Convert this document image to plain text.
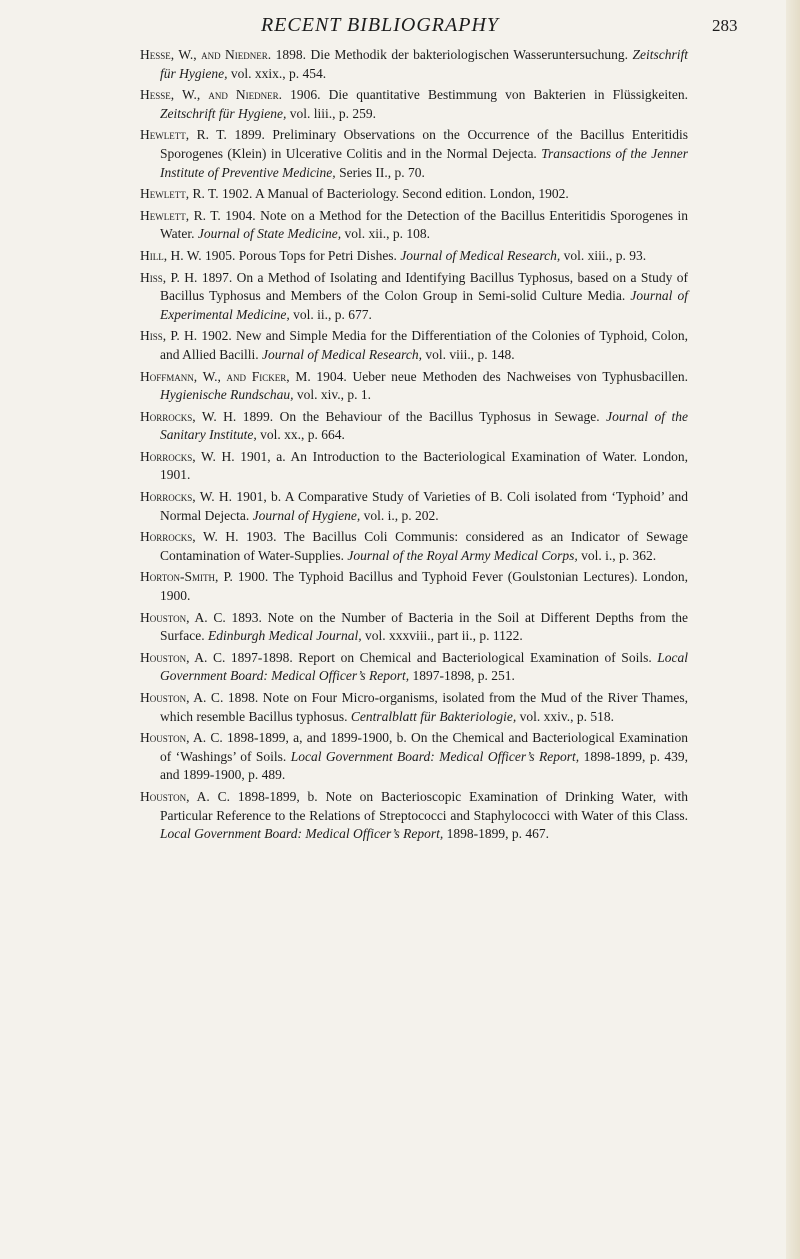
RECENT BIBLIOGRAPHY	283

Hesse, W., and Niedner. 1898. Die Methodik der bakteriologischen Wasseruntersuchung. Zeitschrift für Hygiene, vol. xxix., p. 454.

Hesse, W., and Niedner. 1906. Die quantitative Bestimmung von Bakterien in Flüssigkeiten. Zeitschrift für Hygiene, vol. liii., p. 259.

Hewlett, R. T. 1899. Preliminary Observations on the Occurrence of the Bacillus Enteritidis Sporogenes (Klein) in Ulcerative Colitis and in the Normal Dejecta. Transactions of the Jenner Institute of Preventive Medicine, Series II., p. 70.

Hewlett, R. T. 1902. A Manual of Bacteriology. Second edition. London, 1902.

Hewlett, R. T. 1904. Note on a Method for the Detection of the Bacillus Enteritidis Sporogenes in Water. Journal of State Medicine, vol. xii., p. 108.

Hill, H. W. 1905. Porous Tops for Petri Dishes. Journal of Medical Research, vol. xiii., p. 93.

Hiss, P. H. 1897. On a Method of Isolating and Identifying Bacillus Typhosus, based on a Study of Bacillus Typhosus and Members of the Colon Group in Semi-solid Culture Media. Journal of Experimental Medicine, vol. ii., p. 677.

Hiss, P. H. 1902. New and Simple Media for the Differentiation of the Colonies of Typhoid, Colon, and Allied Bacilli. Journal of Medical Research, vol. viii., p. 148.

Hoffmann, W., and Ficker, M. 1904. Ueber neue Methoden des Nachweises von Typhusbacillen. Hygienische Rundschau, vol. xiv., p. 1.

Horrocks, W. H. 1899. On the Behaviour of the Bacillus Typhosus in Sewage. Journal of the Sanitary Institute, vol. xx., p. 664.

Horrocks, W. H. 1901, a. An Introduction to the Bacteriological Examination of Water. London, 1901.

Horrocks, W. H. 1901, b. A Comparative Study of Varieties of B. Coli isolated from ‘Typhoid’ and Normal Dejecta. Journal of Hygiene, vol. i., p. 202.

Horrocks, W. H. 1903. The Bacillus Coli Communis: considered as an Indicator of Sewage Contamination of Water-Supplies. Journal of the Royal Army Medical Corps, vol. i., p. 362.

Horton-Smith, P. 1900. The Typhoid Bacillus and Typhoid Fever (Goulstonian Lectures). London, 1900.

Houston, A. C. 1893. Note on the Number of Bacteria in the Soil at Different Depths from the Surface. Edinburgh Medical Journal, vol. xxxviii., part ii., p. 1122.

Houston, A. C. 1897-1898. Report on Chemical and Bacteriological Examination of Soils. Local Government Board: Medical Officer’s Report, 1897-1898, p. 251.

Houston, A. C. 1898. Note on Four Micro-organisms, isolated from the Mud of the River Thames, which resemble Bacillus typhosus. Centralblatt für Bakteriologie, vol. xxiv., p. 518.

Houston, A. C. 1898-1899, a, and 1899-1900, b. On the Chemical and Bacteriological Examination of ‘Washings’ of Soils. Local Government Board: Medical Officer’s Report, 1898-1899, p. 439, and 1899-1900, p. 489.

Houston, A. C. 1898-1899, b. Note on Bacterioscopic Examination of Drinking Water, with Particular Reference to the Relations of Streptococci and Staphylococci with Water of this Class. Local Government Board: Medical Officer’s Report, 1898-1899, p. 467.
